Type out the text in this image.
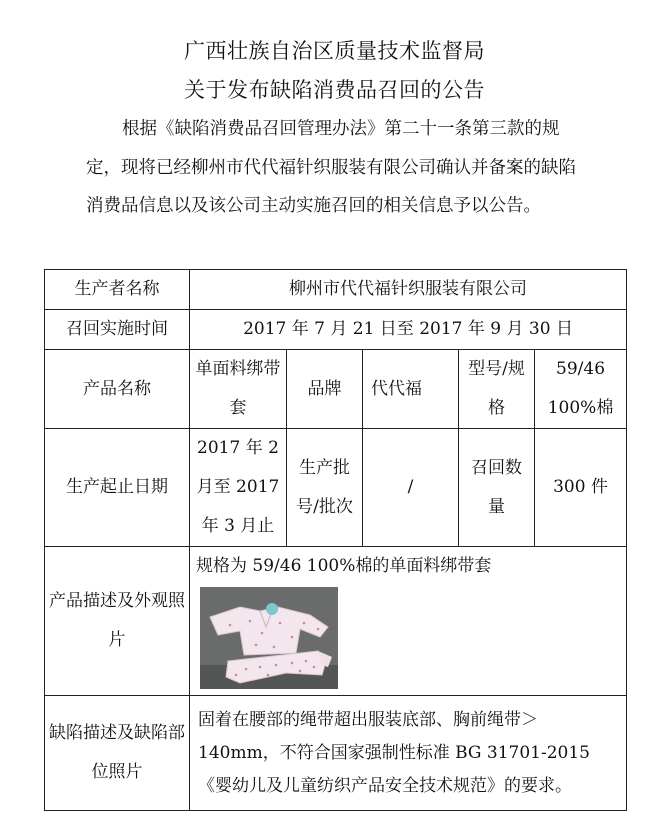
广西壮族自治区质量技术监督局
关于发布缺陷消费品召回的公告

根据《缺陷消费品召回管理办法》第二十一条第三款的规定，现将已经柳州市代代福针织服装有限公司确认并备案的缺陷消费品信息以及该公司主动实施召回的相关信息予以公告。

生产者名称	柳州市代代福针织服装有限公司				
召回实施时间	2017 年 7 月 21 日至 2017 年 9 月 30 日				
产品名称	单面料绑带套	品牌	代代福	型号/规格	59/46 100%棉
生产起止日期	2017 年 2 月至 2017 年 3 月止	生产批号/批次	/	召回数量	300 件
产品描述及外观照片	规格为 59/46 100%棉的单面料绑带套				

缺陷描述及缺陷部位照片	固着在腰部的绳带超出服装底部、胸前绳带＞140mm，不符合国家强制性标准 BG 31701-2015《婴幼儿及儿童纺织产品安全技术规范》的要求。				
